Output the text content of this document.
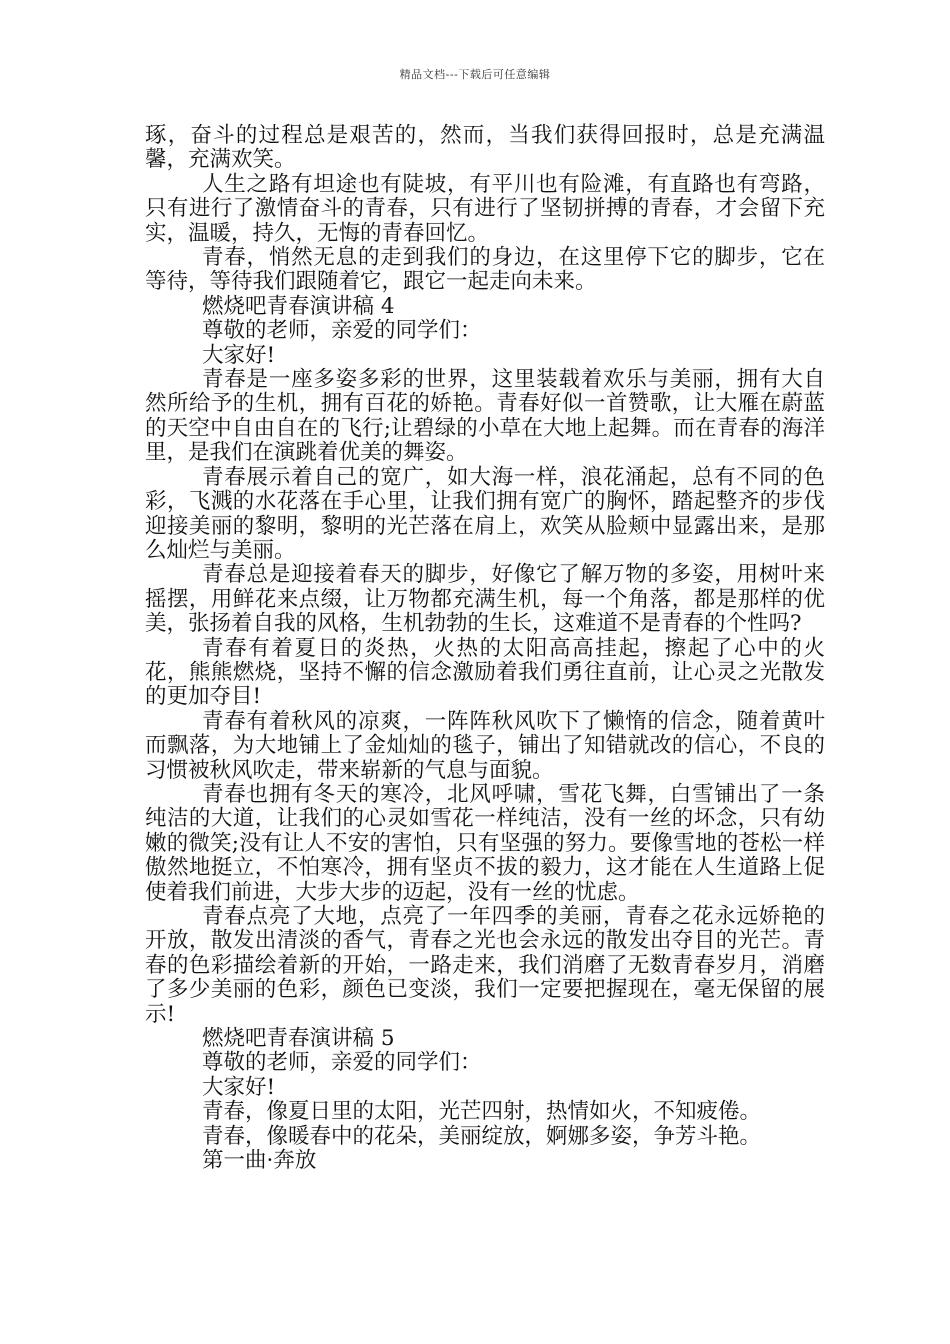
精品文档---下载后可任意编辑

琢，奋斗的过程总是艰苦的，然而，当我们获得回报时，总是充满温馨，充满欢笑。

人生之路有坦途也有陡坡，有平川也有险滩，有直路也有弯路，只有进行了激情奋斗的青春，只有进行了坚韧拼搏的青春，才会留下充实，温暖，持久，无悔的青春回忆。

青春，悄然无息的走到我们的身边，在这里停下它的脚步，它在等待，等待我们跟随着它，跟它一起走向未来。

燃烧吧青春演讲稿 4

尊敬的老师，亲爱的同学们：

大家好!

青春是一座多姿多彩的世界，这里装载着欢乐与美丽，拥有大自然所给予的生机，拥有百花的娇艳。青春好似一首赞歌，让大雁在蔚蓝的天空中自由自在的飞行;让碧绿的小草在大地上起舞。而在青春的海洋里，是我们在演跳着优美的舞姿。

青春展示着自己的宽广，如大海一样，浪花涌起，总有不同的色彩，飞溅的水花落在手心里，让我们拥有宽广的胸怀，踏起整齐的步伐迎接美丽的黎明，黎明的光芒落在肩上，欢笑从脸颊中显露出来，是那么灿烂与美丽。

青春总是迎接着春天的脚步，好像它了解万物的多姿，用树叶来摇摆，用鲜花来点缀，让万物都充满生机，每一个角落，都是那样的优美，张扬着自我的风格，生机勃勃的生长，这难道不是青春的个性吗?

青春有着夏日的炎热，火热的太阳高高挂起，擦起了心中的火花，熊熊燃烧，坚持不懈的信念激励着我们勇往直前，让心灵之光散发的更加夺目!

青春有着秋风的凉爽，一阵阵秋风吹下了懒惰的信念，随着黄叶而飘落，为大地铺上了金灿灿的毯子，铺出了知错就改的信心，不良的习惯被秋风吹走，带来崭新的气息与面貌。

青春也拥有冬天的寒冷，北风呼啸，雪花飞舞，白雪铺出了一条纯洁的大道，让我们的心灵如雪花一样纯洁，没有一丝的坏念，只有幼嫩的微笑;没有让人不安的害怕，只有坚强的努力。要像雪地的苍松一样傲然地挺立，不怕寒冷，拥有坚贞不拔的毅力，这才能在人生道路上促使着我们前进，大步大步的迈起，没有一丝的忧虑。

青春点亮了大地，点亮了一年四季的美丽，青春之花永远娇艳的开放，散发出清淡的香气，青春之光也会永远的散发出夺目的光芒。青春的色彩描绘着新的开始，一路走来，我们消磨了无数青春岁月，消磨了多少美丽的色彩，颜色已变淡，我们一定要把握现在，毫无保留的展示!

燃烧吧青春演讲稿 5

尊敬的老师，亲爱的同学们：

大家好!

青春，像夏日里的太阳，光芒四射，热情如火，不知疲倦。

青春，像暖春中的花朵，美丽绽放，婀娜多姿，争芳斗艳。

第一曲·奔放
